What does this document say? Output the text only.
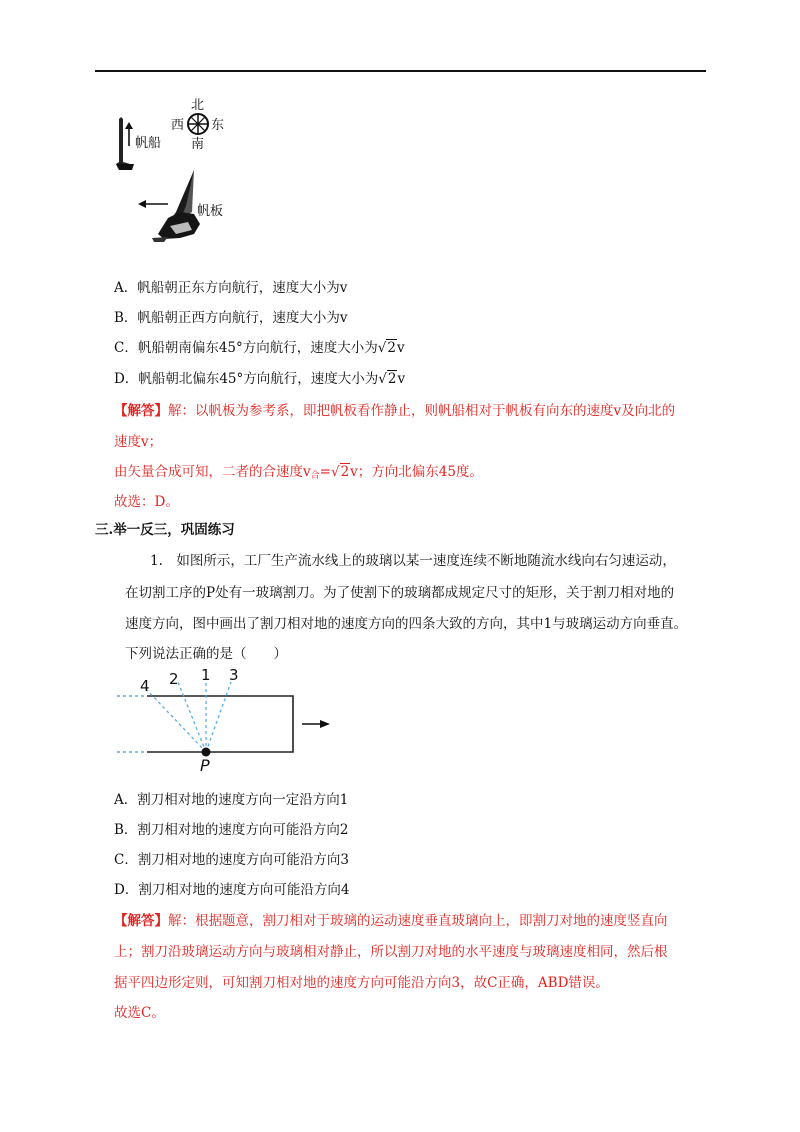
帆船
北
西 东
南
帆板
A．帆船朝正东方向航行，速度大小为v
B．帆船朝正西方向航行，速度大小为v
C．帆船朝南偏东45°方向航行，速度大小为√2v
D．帆船朝北偏东45°方向航行，速度大小为√2v
【解答】解：以帆板为参考系，即把帆板看作静止，则帆船相对于帆板有向东的速度v及向北的
速度v；
由矢量合成可知，二者的合速度$v_合=√2v$；方向北偏东45度。
故选：D。
三.举一反三，巩固练习
1.　如图所示，工厂生产流水线上的玻璃以某一速度连续不断地随流水线向右匀速运动，
在切割工序的P处有一玻璃割刀。为了使割下的玻璃都成规定尺寸的矩形，关于割刀相对地的
速度方向，图中画出了割刀相对地的速度方向的四条大致的方向，其中1与玻璃运动方向垂直。
下列说法正确的是（　　）
4 2 1 3
P
A．割刀相对地的速度方向一定沿方向1
B．割刀相对地的速度方向可能沿方向2
C．割刀相对地的速度方向可能沿方向3
D．割刀相对地的速度方向可能沿方向4
【解答】解：根据题意，割刀相对于玻璃的运动速度垂直玻璃向上，即割刀对地的速度竖直向
上；割刀沿玻璃运动方向与玻璃相对静止，所以割刀对地的水平速度与玻璃速度相同，然后根
据平四边形定则，可知割刀相对地的速度方向可能沿方向3，故C正确，ABD错误。
故选C。
